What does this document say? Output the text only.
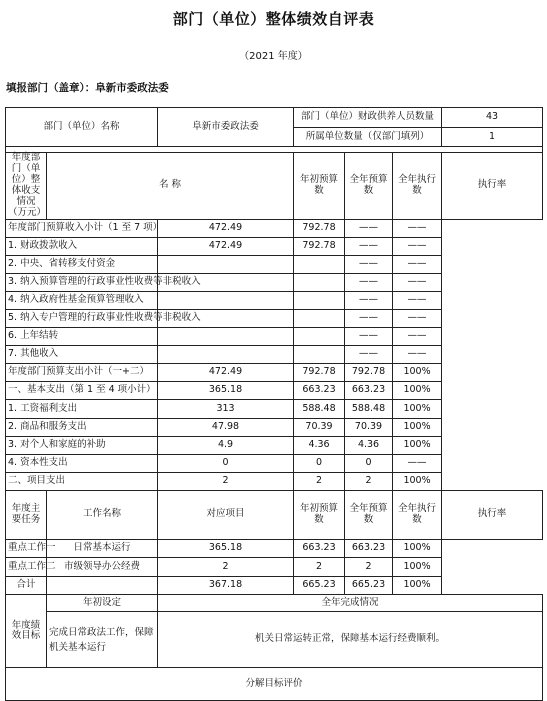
部门（单位）整体绩效自评表
（2021 年度）
填报部门（盖章）：阜新市委政法委
部门（单位）名称		阜新市委政法委	部门（单位）财政供养人员数量			43
			所属单位数量（仅部门填列）			1

年度部门（单位）整体收支情况（万元）	名 称		年初预算数	全年预算数	全年执行数	执行率
年度部门预算收入小计（1 至 7 项）		472.49	792.78	——	——	
1. 财政拨款收入		472.49	792.78	——	——	
2. 中央、省转移支付资金				——	——	
3. 纳入预算管理的行政事业性收费等非税收入				——	——	
4. 纳入政府性基金预算管理收入				——	——	
5. 纳入专户管理的行政事业性收费等非税收入				——	——	
6. 上年结转				——	——	
7. 其他收入				——	——	
年度部门预算支出小计（一+二）		472.49	792.78	792.78	100%	
一、基本支出（第 1 至 4 项小计）		365.18	663.23	663.23	100%	
1. 工资福利支出		313	588.48	588.48	100%	
2. 商品和服务支出		47.98	70.39	70.39	100%	
3. 对个人和家庭的补助		4.9	4.36	4.36	100%	
4. 资本性支出		0	0	0	——	
二、项目支出		2	2	2	100%	
年度主要任务	工作名称	对应项目	年初预算数	全年预算数	全年执行数	执行率
重点工作一	日常基本运行	365.18	663.23	663.23	100%	
重点工作二	市级领导办公经费	2	2	2	100%	
合计		367.18	665.23	665.23	100%	
年度绩效目标	年初设定	全年完成情况				
	完成日常政法工作，保障机关基本运行	机关日常运转正常，保障基本运行经费顺利。				
分解目标评价						
